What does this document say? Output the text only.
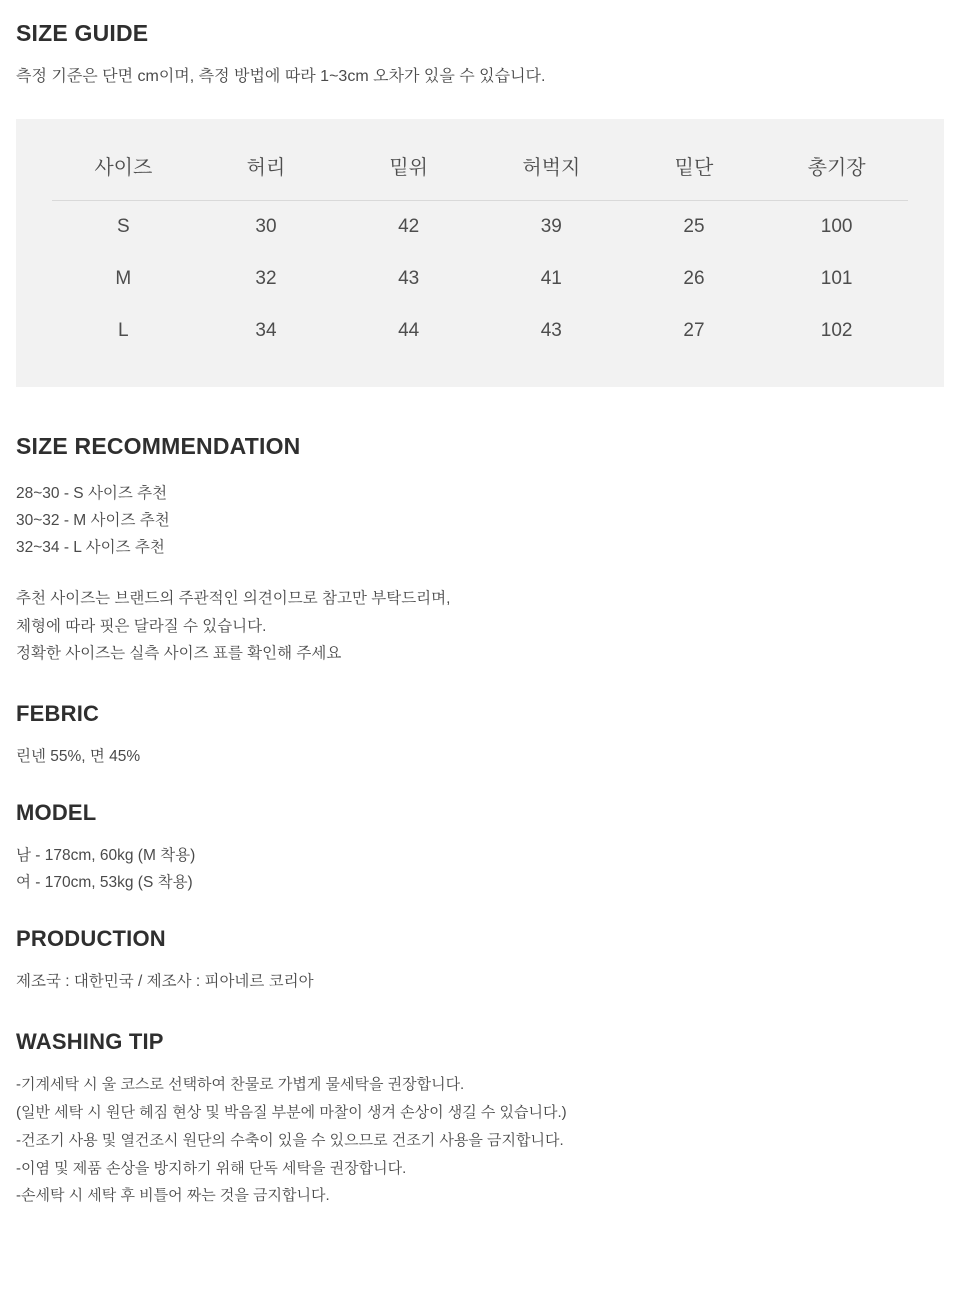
SIZE GUIDE

측정 기준은 단면 cm이며, 측정 방법에 따라 1~3cm 오차가 있을 수 있습니다.

사이즈	허리	밑위	허벅지	밑단	총기장
S	30	42	39	25	100
M	32	43	41	26	101
L	34	44	43	27	102
SIZE RECOMMENDATION
28~30 - S 사이즈 추천
30~32 - M 사이즈 추천
32~34 - L 사이즈 추천
추천 사이즈는 브랜드의 주관적인 의견이므로 참고만 부탁드리며,
체형에 따라 핏은 달라질 수 있습니다.
정확한 사이즈는 실측 사이즈 표를 확인해 주세요
FEBRIC
린넨 55%, 면 45%
MODEL
남 - 178cm, 60kg (M 착용)
여 - 170cm, 53kg (S 착용)
PRODUCTION
제조국 : 대한민국 / 제조사 : 피아네르 코리아
WASHING TIP
-기계세탁 시 울 코스로 선택하여 찬물로 가볍게 물세탁을 권장합니다.
(일반 세탁 시 원단 헤짐 현상 및 박음질 부분에 마찰이 생겨 손상이 생길 수 있습니다.)
-건조기 사용 및 열건조시 원단의 수축이 있을 수 있으므로 건조기 사용을 금지합니다.
-이염 및 제품 손상을 방지하기 위해 단독 세탁을 권장합니다.
-손세탁 시 세탁 후 비틀어 짜는 것을 금지합니다.
